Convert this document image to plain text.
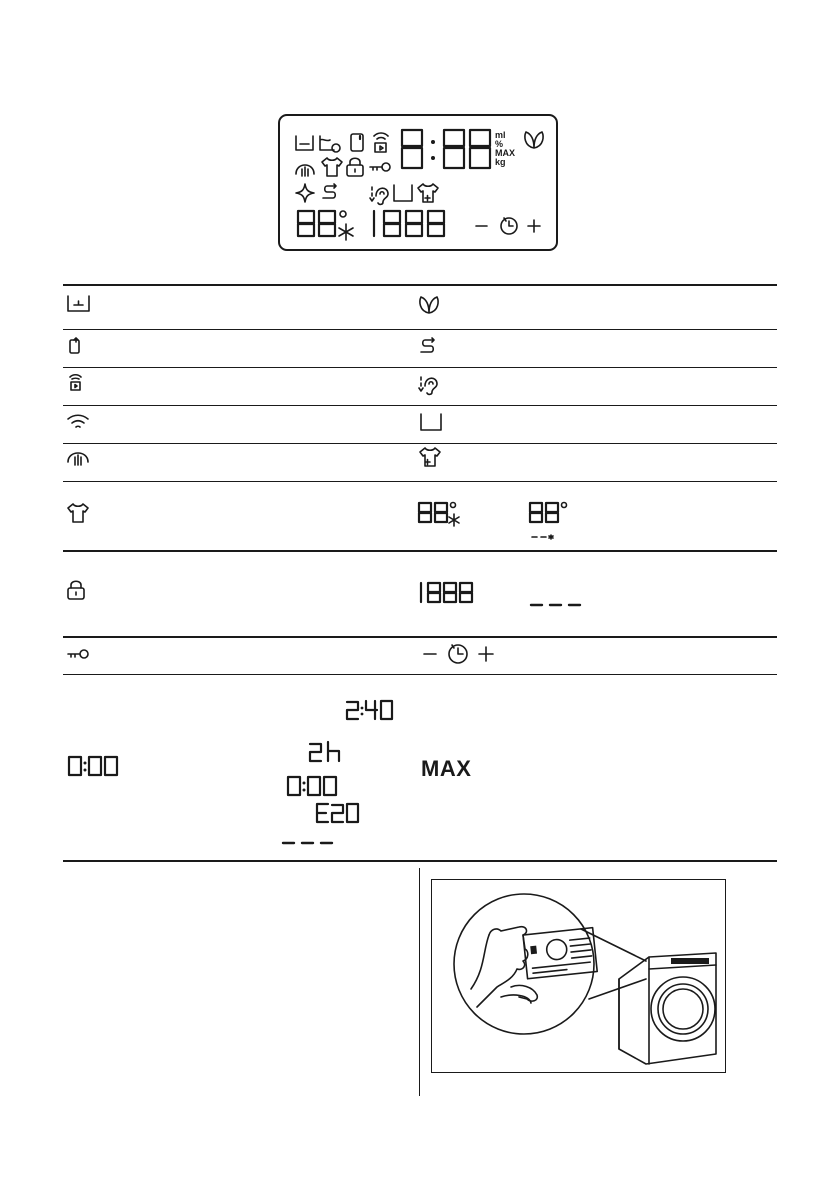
ml
%
MAX
kg
MAX
